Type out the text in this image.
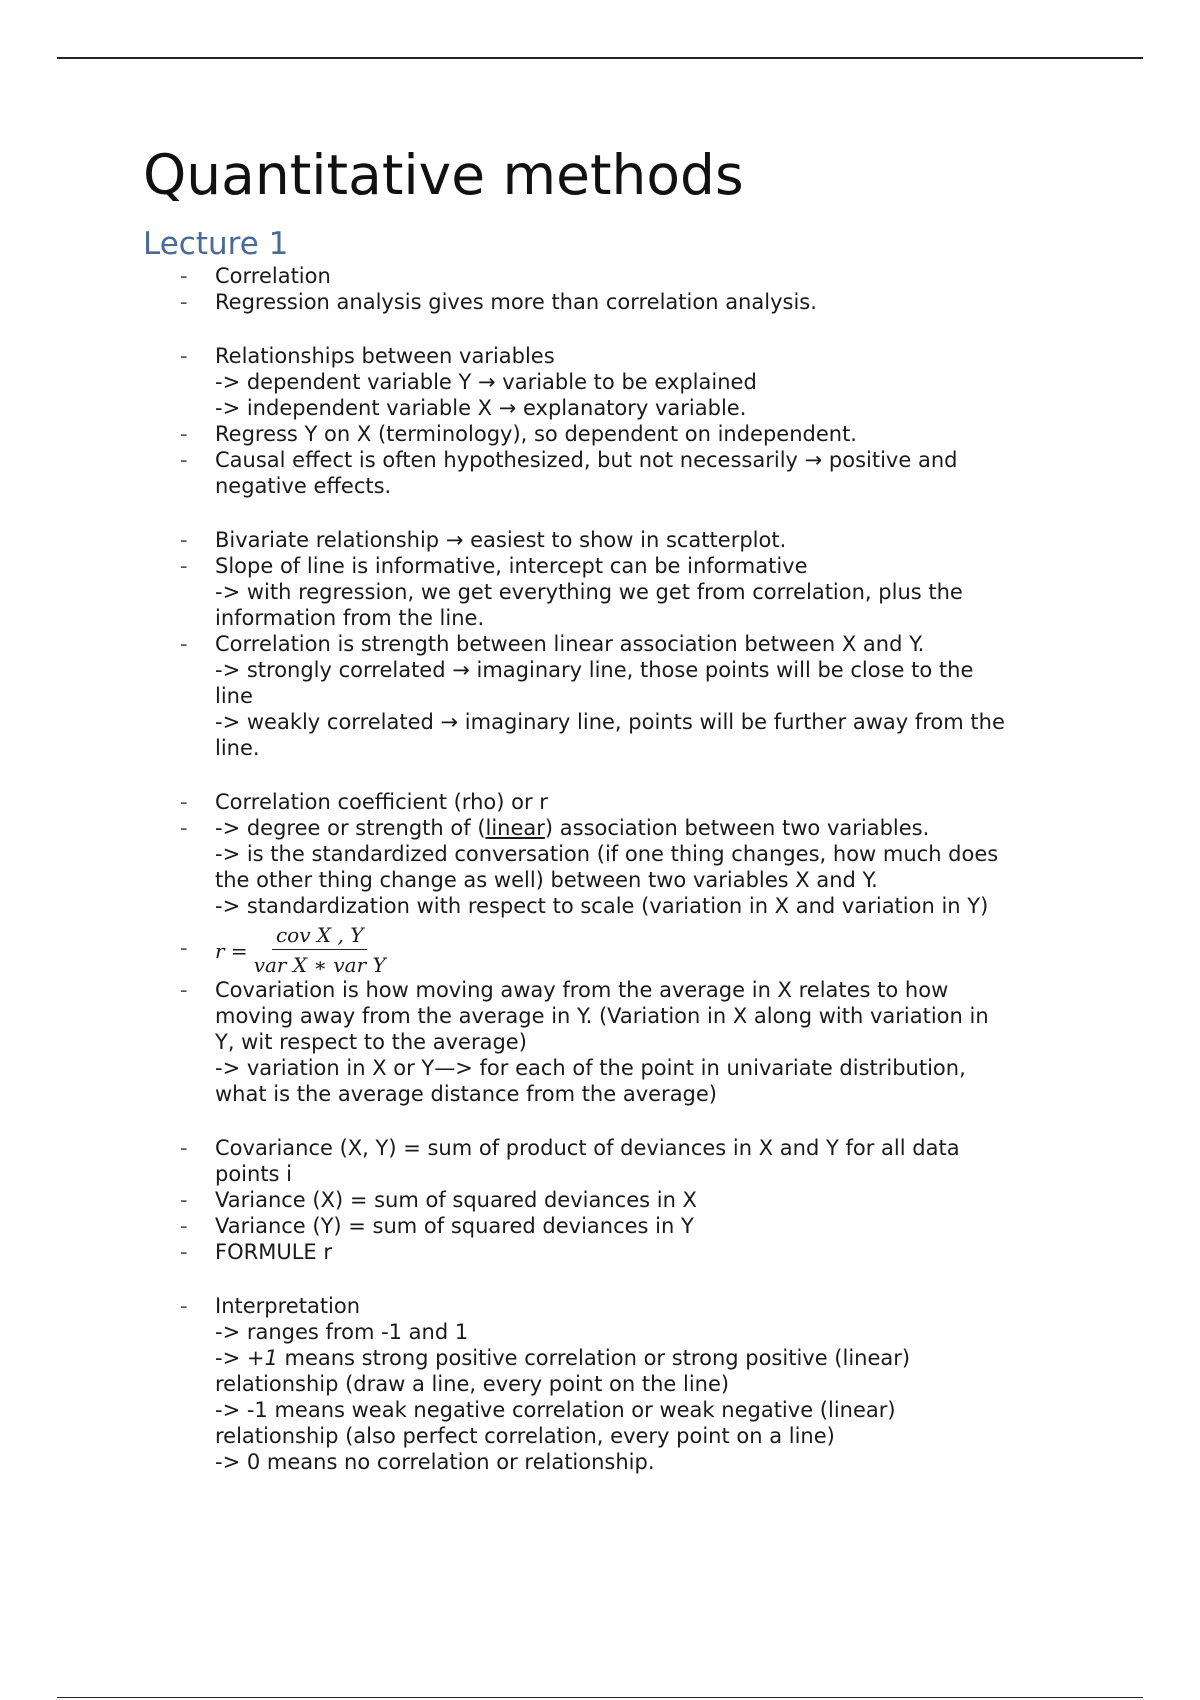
Quantitative methods
Lecture 1
- Correlation
- Regression analysis gives more than correlation analysis.
- Relationships between variables
-> dependent variable Y → variable to be explained
-> independent variable X → explanatory variable.
- Regress Y on X (terminology), so dependent on independent.
- Causal effect is often hypothesized, but not necessarily → positive and
negative effects.
- Bivariate relationship → easiest to show in scatterplot.
- Slope of line is informative, intercept can be informative
-> with regression, we get everything we get from correlation, plus the
information from the line.
- Correlation is strength between linear association between X and Y.
-> strongly correlated → imaginary line, those points will be close to the
line
-> weakly correlated → imaginary line, points will be further away from the
line.
- Correlation coefficient (rho) or r
- -> degree or strength of (linear) association between two variables.
-> is the standardized conversation (if one thing changes, how much does
the other thing change as well) between two variables X and Y.
-> standardization with respect to scale (variation in X and variation in Y)
- $r = \frac{\text{cov X , Y}}{\text{var X ∗ var Y}}$
- Covariation is how moving away from the average in X relates to how
moving away from the average in Y. (Variation in X along with variation in
Y, wit respect to the average)
-> variation in X or Y—> for each of the point in univariate distribution,
what is the average distance from the average)
- Covariance (X, Y) = sum of product of deviances in X and Y for all data
points i
- Variance (X) = sum of squared deviances in X
- Variance (Y) = sum of squared deviances in Y
- FORMULE r
- Interpretation
-> ranges from -1 and 1
-> +1 means strong positive correlation or strong positive (linear)
relationship (draw a line, every point on the line)
-> -1 means weak negative correlation or weak negative (linear)
relationship (also perfect correlation, every point on a line)
-> 0 means no correlation or relationship.
